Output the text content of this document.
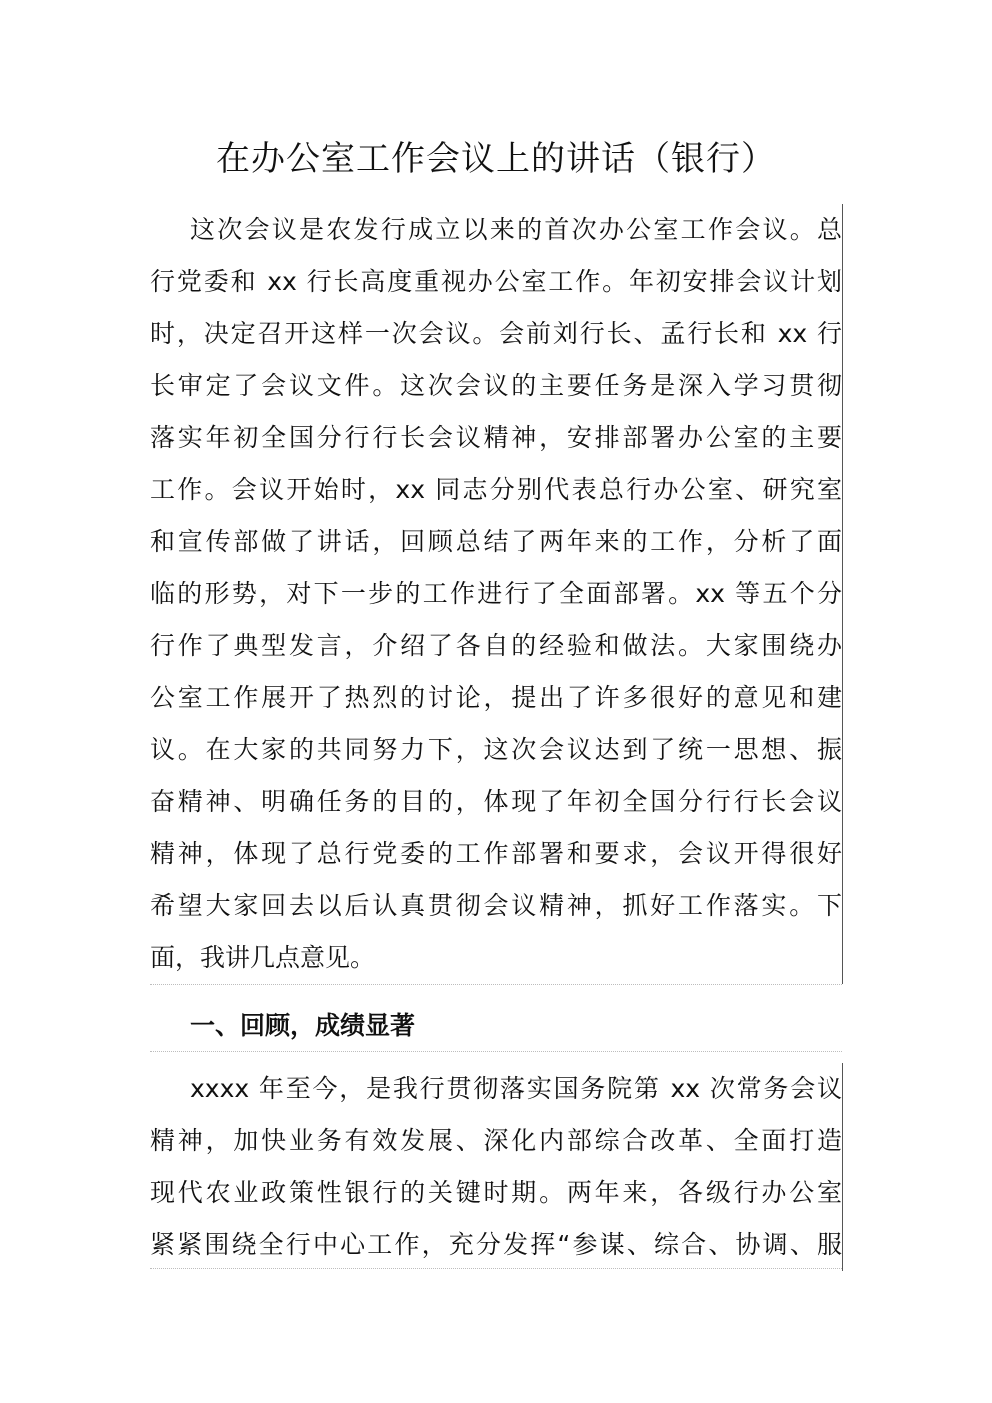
在办公室工作会议上的讲话（银行）
这次会议是农发行成立以来的首次办公室工作会议。总
行党委和 xx 行长高度重视办公室工作。年初安排会议计划
时，决定召开这样一次会议。会前刘行长、孟行长和 xx 行
长审定了会议文件。这次会议的主要任务是深入学习贯彻
落实年初全国分行行长会议精神，安排部署办公室的主要
工作。会议开始时，xx 同志分别代表总行办公室、研究室
和宣传部做了讲话，回顾总结了两年来的工作，分析了面
临的形势，对下一步的工作进行了全面部署。xx 等五个分
行作了典型发言，介绍了各自的经验和做法。大家围绕办
公室工作展开了热烈的讨论，提出了许多很好的意见和建
议。在大家的共同努力下，这次会议达到了统一思想、振
奋精神、明确任务的目的，体现了年初全国分行行长会议
精神，体现了总行党委的工作部署和要求，会议开得很好
希望大家回去以后认真贯彻会议精神，抓好工作落实。下
面，我讲几点意见。
一、回顾，成绩显著
xxxx 年至今，是我行贯彻落实国务院第 xx 次常务会议
精神，加快业务有效发展、深化内部综合改革、全面打造
现代农业政策性银行的关键时期。两年来，各级行办公室
紧紧围绕全行中心工作，充分发挥“参谋、综合、协调、服
